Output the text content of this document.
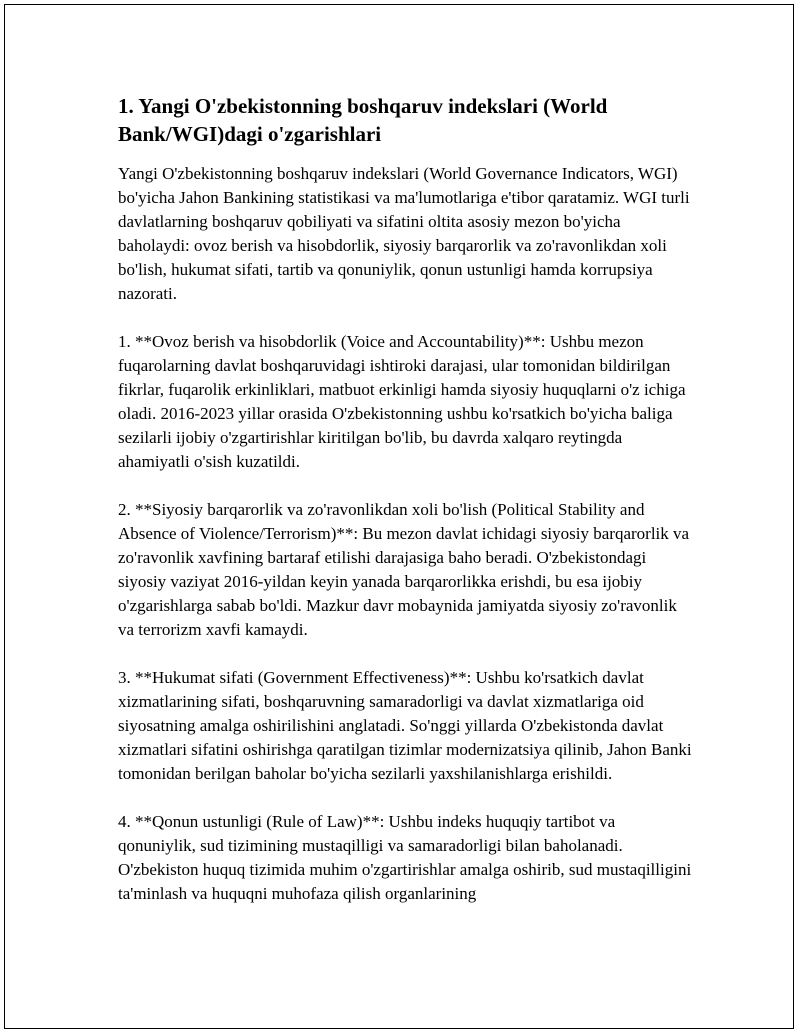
1. Yangi O'zbekistonning boshqaruv indekslari (World Bank/WGI)dagi o'zgarishlari

Yangi O'zbekistonning boshqaruv indekslari (World Governance Indicators, WGI) bo'yicha Jahon Bankining statistikasi va ma'lumotlariga e'tibor qaratamiz. WGI turli davlatlarning boshqaruv qobiliyati va sifatini oltita asosiy mezon bo'yicha baholaydi: ovoz berish va hisobdorlik, siyosiy barqarorlik va zo'ravonlikdan xoli bo'lish, hukumat sifati, tartib va qonuniylik, qonun ustunligi hamda korrupsiya nazorati.

1. **Ovoz berish va hisobdorlik (Voice and Accountability)**: Ushbu mezon fuqarolarning davlat boshqaruvidagi ishtiroki darajasi, ular tomonidan bildirilgan fikrlar, fuqarolik erkinliklari, matbuot erkinligi hamda siyosiy huquqlarni o'z ichiga oladi. 2016-2023 yillar orasida O'zbekistonning ushbu ko'rsatkich bo'yicha baliga sezilarli ijobiy o'zgartirishlar kiritilgan bo'lib, bu davrda xalqaro reytingda ahamiyatli o'sish kuzatildi.

2. **Siyosiy barqarorlik va zo'ravonlikdan xoli bo'lish (Political Stability and Absence of Violence/Terrorism)**: Bu mezon davlat ichidagi siyosiy barqarorlik va zo'ravonlik xavfining bartaraf etilishi darajasiga baho beradi. O'zbekistondagi siyosiy vaziyat 2016-yildan keyin yanada barqarorlikka erishdi, bu esa ijobiy o'zgarishlarga sabab bo'ldi. Mazkur davr mobaynida jamiyatda siyosiy zo'ravonlik va terrorizm xavfi kamaydi.

3. **Hukumat sifati (Government Effectiveness)**: Ushbu ko'rsatkich davlat xizmatlarining sifati, boshqaruvning samaradorligi va davlat xizmatlariga oid siyosatning amalga oshirilishini anglatadi. So'nggi yillarda O'zbekistonda davlat xizmatlari sifatini oshirishga qaratilgan tizimlar modernizatsiya qilinib, Jahon Banki tomonidan berilgan baholar bo'yicha sezilarli yaxshilanishlarga erishildi.

4. **Qonun ustunligi (Rule of Law)**: Ushbu indeks huquqiy tartibot va qonuniylik, sud tizimining mustaqilligi va samaradorligi bilan baholanadi. O'zbekiston huquq tizimida muhim o'zgartirishlar amalga oshirib, sud mustaqilligini ta'minlash va huquqni muhofaza qilish organlarining
